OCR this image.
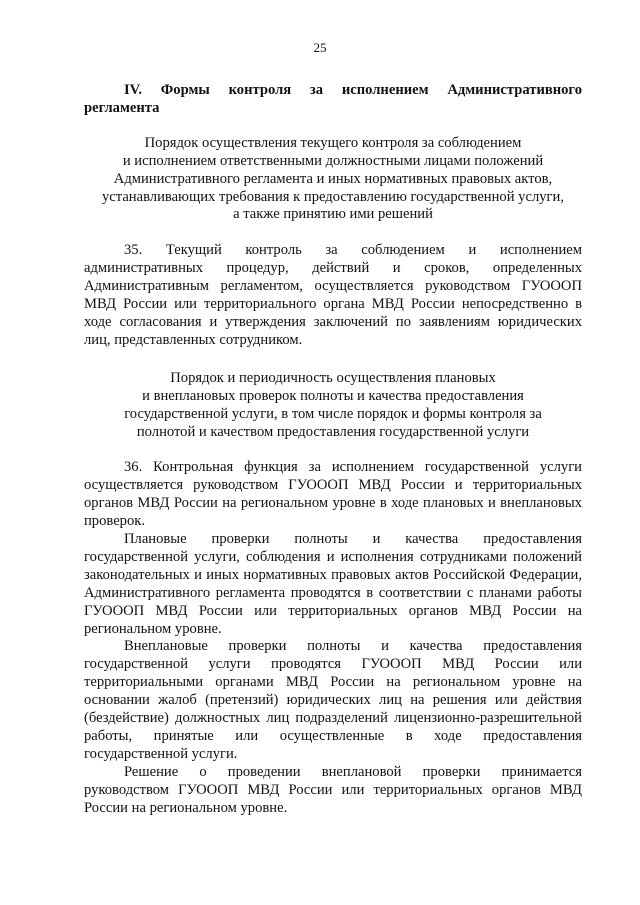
25

IV. Формы контроля за исполнением Административного регламента

Порядок осуществления текущего контроля за соблюдением
и исполнением ответственными должностными лицами положений
Административного регламента и иных нормативных правовых актов,
устанавливающих требования к предоставлению государственной услуги,
а также принятию ими решений

35. Текущий контроль за соблюдением и исполнением административных процедур, действий и сроков, определенных Административным регламентом, осуществляется руководством ГУОООП МВД России или территориального органа МВД России непосредственно в ходе согласования и утверждения заключений по заявлениям юридических лиц, представленных сотрудником.

Порядок и периодичность осуществления плановых
и внеплановых проверок полноты и качества предоставления
государственной услуги, в том числе порядок и формы контроля за
полнотой и качеством предоставления государственной услуги

36. Контрольная функция за исполнением государственной услуги осуществляется руководством ГУОООП МВД России и территориальных органов МВД России на региональном уровне в ходе плановых и внеплановых проверок.

Плановые проверки полноты и качества предоставления государственной услуги, соблюдения и исполнения сотрудниками положений законодательных и иных нормативных правовых актов Российской Федерации, Административного регламента проводятся в соответствии с планами работы ГУОООП МВД России или территориальных органов МВД России на региональном уровне.

Внеплановые проверки полноты и качества предоставления государственной услуги проводятся ГУОООП МВД России или территориальными органами МВД России на региональном уровне на основании жалоб (претензий) юридических лиц на решения или действия (бездействие) должностных лиц подразделений лицензионно-разрешительной работы, принятые или осуществленные в ходе предоставления государственной услуги.

Решение о проведении внеплановой проверки принимается руководством ГУОООП МВД России или территориальных органов МВД России на региональном уровне.
